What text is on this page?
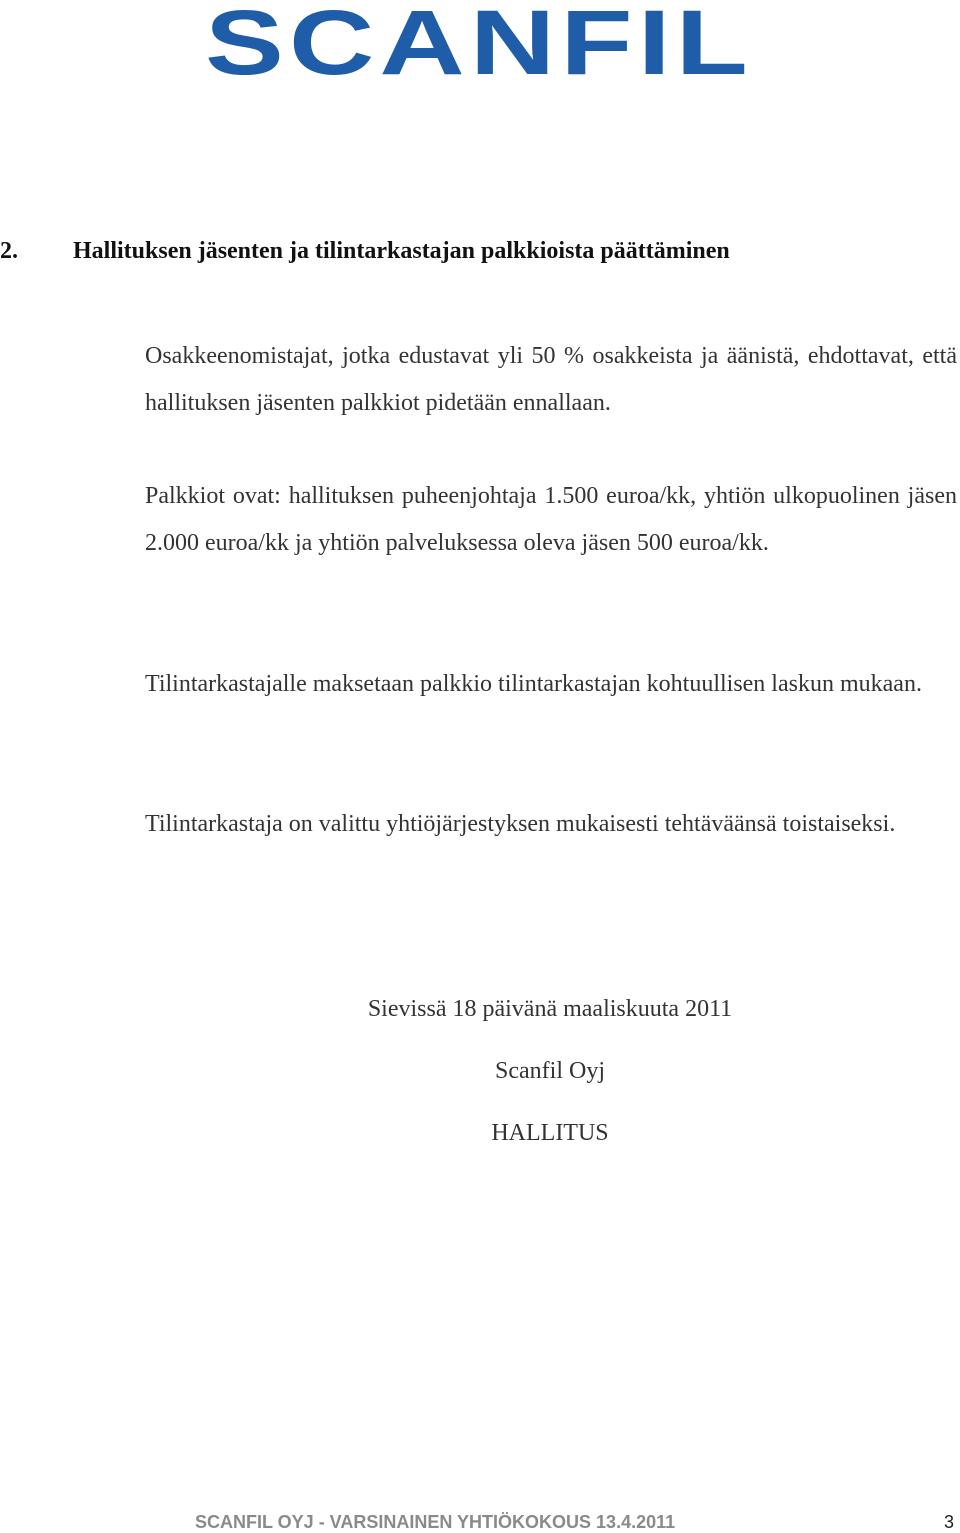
SCANFIL
2. Hallituksen jäsenten ja tilintarkastajan palkkioista päättäminen

Osakkeenomistajat, jotka edustavat yli 50 % osakkeista ja äänistä, ehdottavat, että hallituksen jäsenten palkkiot pidetään ennallaan.

Palkkiot ovat: hallituksen puheenjohtaja 1.500 euroa/kk, yhtiön ulkopuolinen jäsen 2.000 euroa/kk ja yhtiön palveluksessa oleva jäsen 500 euroa/kk.

Tilintarkastajalle maksetaan palkkio tilintarkastajan kohtuullisen laskun mukaan.

Tilintarkastaja on valittu yhtiöjärjestyksen mukaisesti tehtäväänsä toistaiseksi.

Sievissä 18 päivänä maaliskuuta 2011
Scanfil Oyj
HALLITUS
SCANFIL OYJ - VARSINAINEN YHTIÖKOKOUS 13.4.2011	3
